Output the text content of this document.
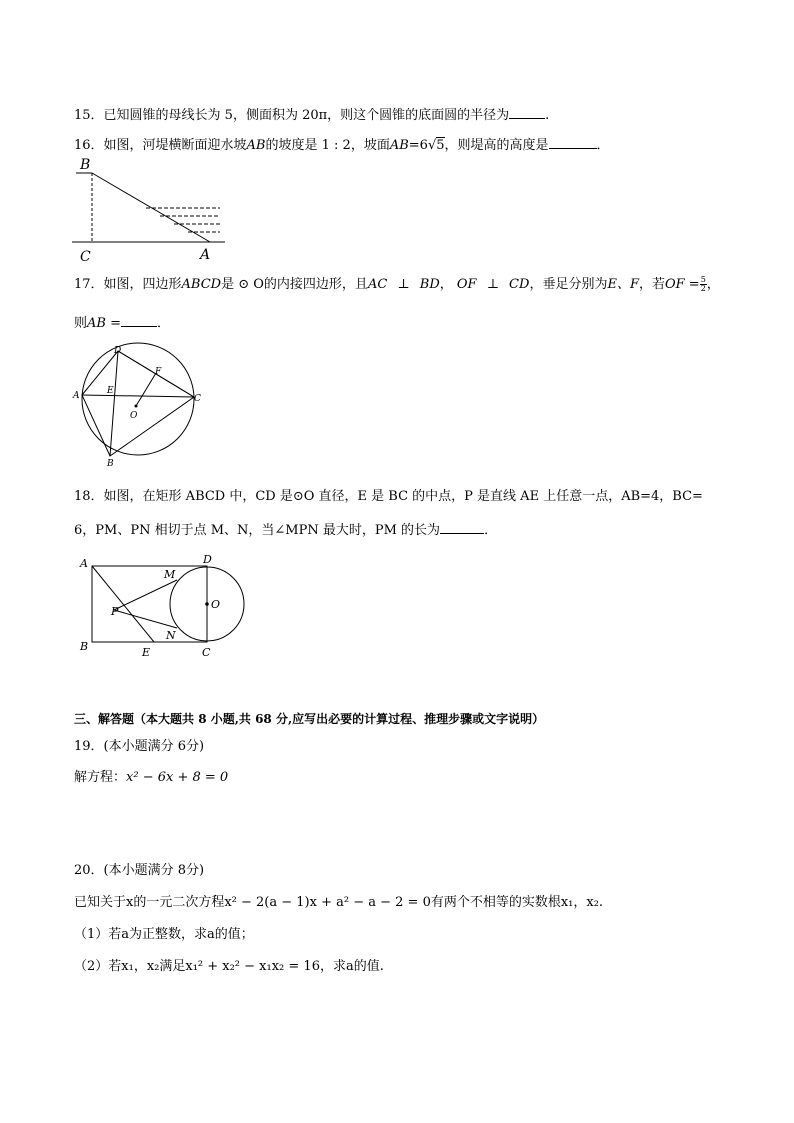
15．已知圆锥的母线长为 5，侧面积为 20π，则这个圆锥的底面圆的半径为	.
16．如图，河堤横断面迎水坡AB的坡度是 1 : 2，坡面AB=6√5，则堤高的高度是	．
B
C	A
17．如图，四边形ABCD是 ⊙ O的内接四边形，且AC ⊥ BD， OF ⊥ CD，垂足分别为E、F，若OF = $\frac{5}{2}$ ，
则AB =	．
D
F
A	E
C
O
B
18．如图，在矩形 ABCD 中，CD 是⊙O 直径，E 是 BC 的中点，P 是直线 AE 上任意一点，AB=4，BC=
6，PM、PN 相切于点 M、N，当∠MPN 最大时，PM 的长为	．
A	D
M
O
P
N
B	E	C
三、解答题（本大题共 8 小题,共 68 分,应写出必要的计算过程、推理步骤或文字说明）
19．(本小题满分 6分)
解方程：x² − 6x + 8 = 0
20．(本小题满分 8分)
已知关于x的一元二次方程x² − 2(a − 1)x + a² − a − 2 = 0有两个不相等的实数根x₁，x₂.
（1）若a为正整数，求a的值；
（2）若x₁，x₂满足x₁² + x₂² − x₁x₂ = 16，求a的值.
